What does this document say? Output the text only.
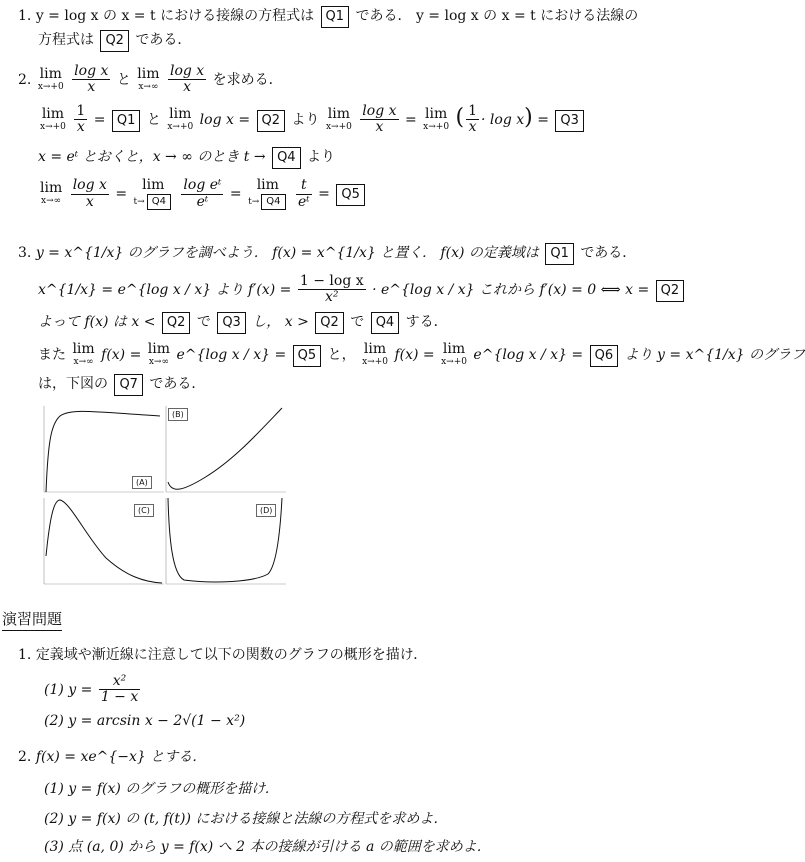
1. y = log x の x = t における接線の方程式は Q1 である． y = log x の x = t における法線の
方程式は Q2 である．
2. lim
x→+0
$\frac{\text{log x}}{x}$ と lim
x→∞
$\frac{\text{log x}}{x}$ を求める．
lim
x→+0
$\frac{1}{x} = Q1$ と lim
x→+0 log x = Q2 より lim
x→+0
$\frac{\text{log x}}{x} = \lim$
x→+0 ( $\frac{1}{x} \cdot \log x) = Q3$
x = eᵗ とおくと，x → ∞ のとき t → Q4 より
lim
x→∞
$\frac{\text{log x}}{x}$ =
lim
t→ Q4
	$\frac{\text{log eᵗ}}{\text{eᵗ}}$ =
lim
t→ Q4
	$\frac{t}{\text{eᵗ}} = Q5$
3. y = x^{1/x} のグラフを調べよう． f(x) = x^{1/x} と置く． f(x) の定義域は Q1 である．
x^{1/x} = e^{log x / x} より $f'(x) = \frac{\text{1 − log x}}{\text{x²}}$ · e^{log x / x} これから f′(x) = 0 ⟺ x = Q2
よって f(x) は x < Q2 で Q3 し， x > Q2 で Q4 する．
また lim
x→∞ f(x) = lim
x→∞ e^{log x / x} = Q5 と， lim
x→+0 f(x) = lim
x→+0 e^{log x / x} = Q6 より y = x^{1/x} のグラフ
は，下図の Q7 である．
(A)
(B)
(C)	(D)
演習問題
1. 定義域や漸近線に注意して以下の関数のグラフの概形を描け．
(1) $y = \frac{\text{x²}}{1 - x}$
(2) y = arcsin x − 2√(1 − x²)
2. f(x) = xe^{−x} とする．
(1) y = f(x) のグラフの概形を描け．
(2) y = f(x) の (t, f(t)) における接線と法線の方程式を求めよ．
(3) 点 (a, 0) から y = f(x) へ 2 本の接線が引ける a の範囲を求めよ．
